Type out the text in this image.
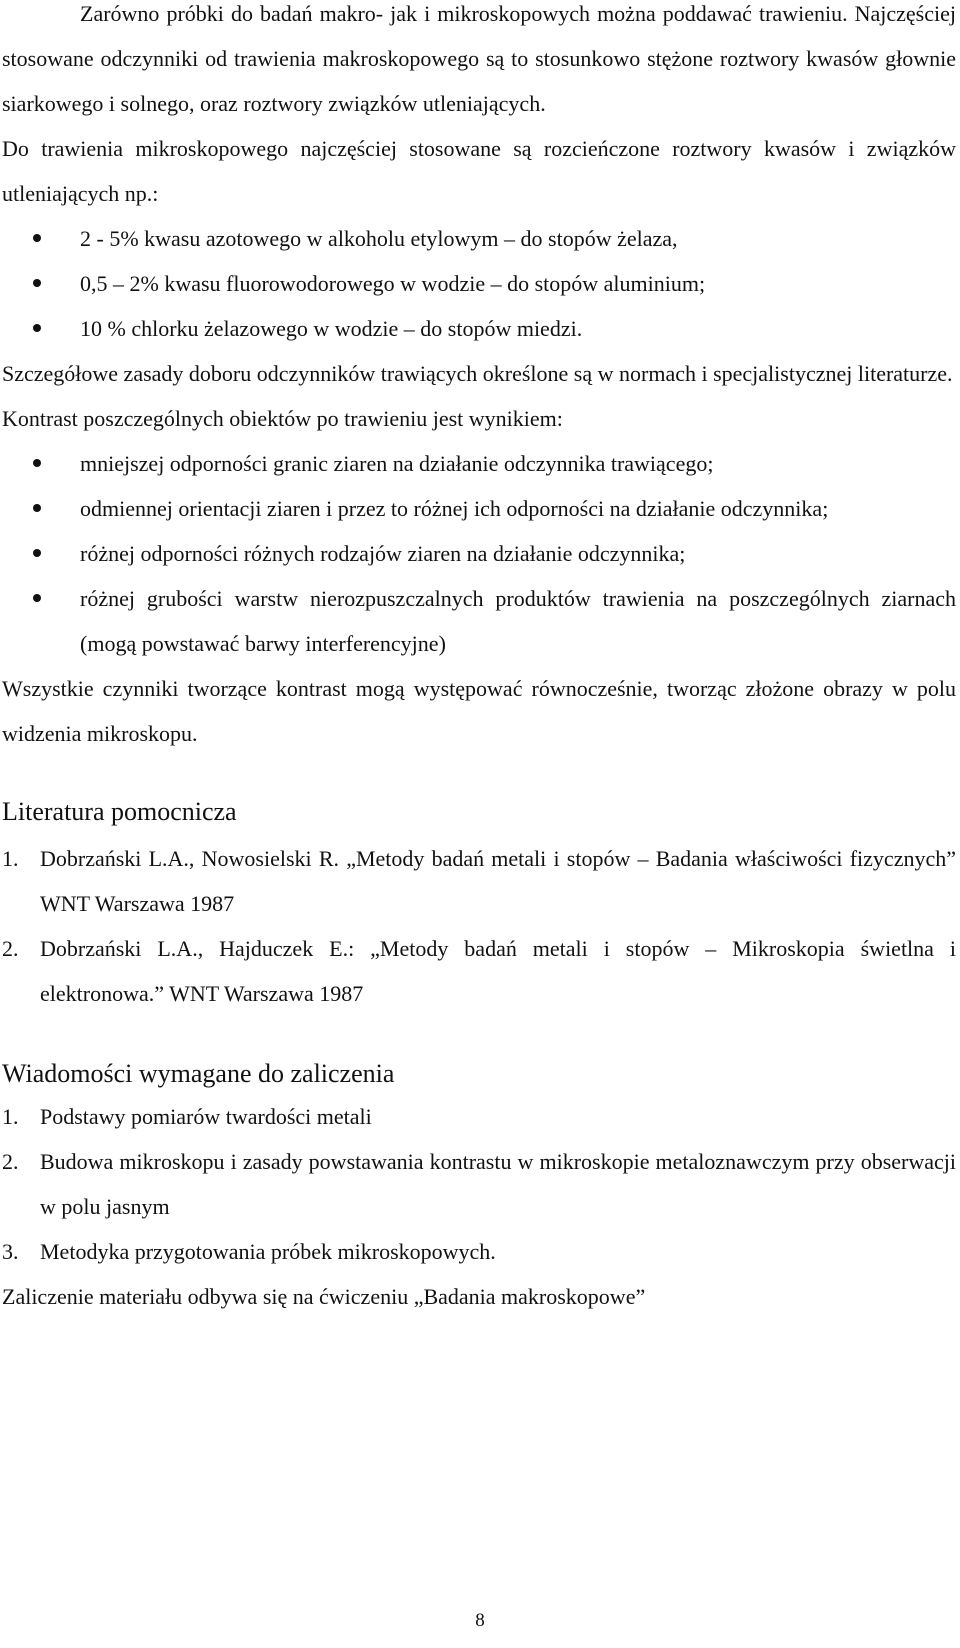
Zarówno próbki do badań makro- jak i mikroskopowych można poddawać trawieniu. Najczęściej stosowane odczynniki od trawienia makroskopowego są to stosunkowo stężone roztwory kwasów głownie siarkowego i solnego, oraz roztwory związków utleniających.

Do trawienia mikroskopowego najczęściej stosowane są rozcieńczone roztwory kwasów i związków utleniających np.:

2 - 5% kwasu azotowego w alkoholu etylowym – do stopów żelaza,
0,5 – 2% kwasu fluorowodorowego w wodzie – do stopów aluminium;
10 % chlorku żelazowego w wodzie – do stopów miedzi.

Szczegółowe zasady doboru odczynników trawiących określone są w normach i specjalistycznej literaturze.

Kontrast poszczególnych obiektów po trawieniu jest wynikiem:

mniejszej odporności granic ziaren na działanie odczynnika trawiącego;
odmiennej orientacji ziaren i przez to różnej ich odporności na działanie odczynnika;
różnej odporności różnych rodzajów ziaren na działanie odczynnika;
różnej grubości warstw nierozpuszczalnych produktów trawienia na poszczególnych ziarnach (mogą powstawać barwy interferencyjne)

Wszystkie czynniki tworzące kontrast mogą występować równocześnie, tworząc złożone obrazy w polu widzenia mikroskopu.

Literatura pomocnicza

1. Dobrzański L.A., Nowosielski R. „Metody badań metali i stopów – Badania właściwości fizycznych” WNT Warszawa 1987
2. Dobrzański L.A., Hajduczek E.: „Metody badań metali i stopów – Mikroskopia świetlna i elektronowa.” WNT Warszawa 1987

Wiadomości wymagane do zaliczenia

1. Podstawy pomiarów twardości metali
2. Budowa mikroskopu i zasady powstawania kontrastu w mikroskopie metaloznawczym przy obserwacji w polu jasnym
3. Metodyka przygotowania próbek mikroskopowych.

Zaliczenie materiału odbywa się na ćwiczeniu „Badania makroskopowe”

8
